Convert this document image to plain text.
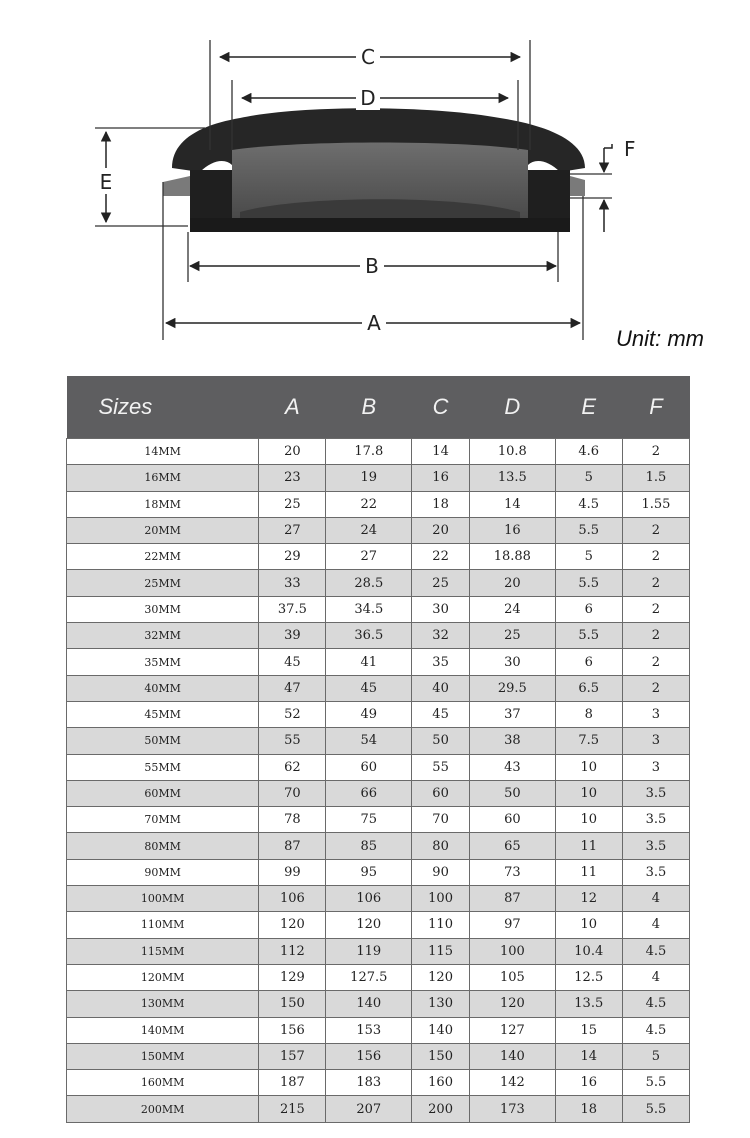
C
D
B
A
E
F
Unit: mm
Sizes	A	B	C	D	E	F
14MM	20	17.8	14	10.8	4.6	2
16MM	23	19	16	13.5	5	1.5
18MM	25	22	18	14	4.5	1.55
20MM	27	24	20	16	5.5	2
22MM	29	27	22	18.88	5	2
25MM	33	28.5	25	20	5.5	2
30MM	37.5	34.5	30	24	6	2
32MM	39	36.5	32	25	5.5	2
35MM	45	41	35	30	6	2
40MM	47	45	40	29.5	6.5	2
45MM	52	49	45	37	8	3
50MM	55	54	50	38	7.5	3
55MM	62	60	55	43	10	3
60MM	70	66	60	50	10	3.5
70MM	78	75	70	60	10	3.5
80MM	87	85	80	65	11	3.5
90MM	99	95	90	73	11	3.5
100MM	106	106	100	87	12	4
110MM	120	120	110	97	10	4
115MM	112	119	115	100	10.4	4.5
120MM	129	127.5	120	105	12.5	4
130MM	150	140	130	120	13.5	4.5
140MM	156	153	140	127	15	4.5
150MM	157	156	150	140	14	5
160MM	187	183	160	142	16	5.5
200MM	215	207	200	173	18	5.5
